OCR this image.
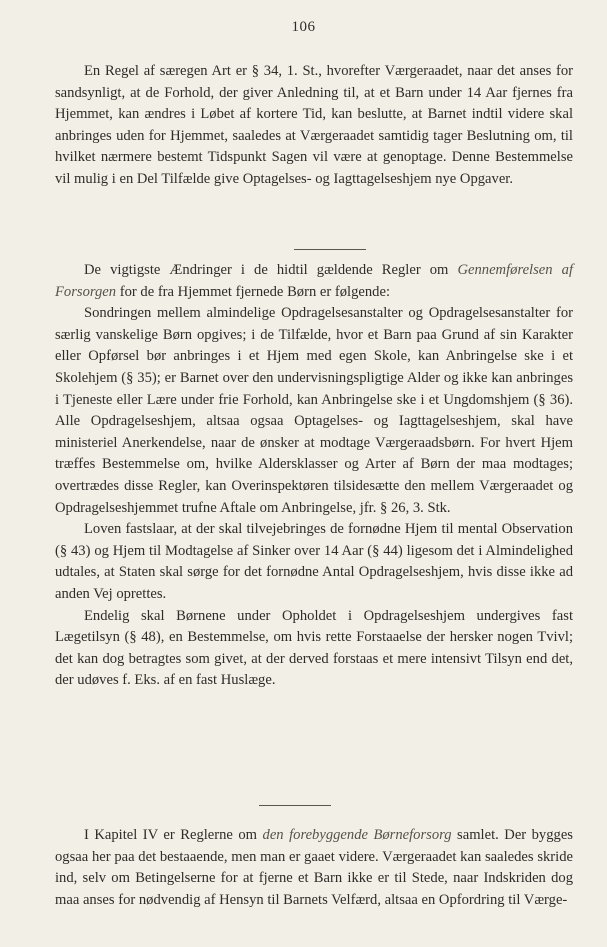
106

En Regel af særegen Art er § 34, 1. St., hvorefter Værgeraadet, naar det anses for sandsynligt, at de Forhold, der giver Anledning til, at et Barn under 14 Aar fjernes fra Hjemmet, kan ændres i Løbet af kortere Tid, kan beslutte, at Barnet indtil videre skal anbringes uden for Hjemmet, saaledes at Værgeraadet samtidig tager Beslutning om, til hvilket nærmere bestemt Tidspunkt Sagen vil være at genoptage. Denne Bestemmelse vil mulig i en Del Tilfælde give Optagelses- og Iagttagelseshjem nye Opgaver.

De vigtigste Ændringer i de hidtil gældende Regler om Gennemførelsen af Forsorgen for de fra Hjemmet fjernede Børn er følgende:

Sondringen mellem almindelige Opdragelsesanstalter og Opdragelsesanstalter for særlig vanskelige Børn opgives; i de Tilfælde, hvor et Barn paa Grund af sin Karakter eller Opførsel bør anbringes i et Hjem med egen Skole, kan Anbringelse ske i et Skolehjem (§ 35); er Barnet over den undervisningspligtige Alder og ikke kan anbringes i Tjeneste eller Lære under frie Forhold, kan Anbringelse ske i et Ungdomshjem (§ 36). Alle Opdragelseshjem, altsaa ogsaa Optagelses- og Iagttagelseshjem, skal have ministeriel Anerkendelse, naar de ønsker at modtage Værgeraadsbørn. For hvert Hjem træffes Bestemmelse om, hvilke Aldersklasser og Arter af Børn der maa modtages; overtrædes disse Regler, kan Overinspektøren tilsidesætte den mellem Værgeraadet og Opdragelseshjemmet trufne Aftale om Anbringelse, jfr. § 26, 3. Stk.

Loven fastslaar, at der skal tilvejebringes de fornødne Hjem til mental Observation (§ 43) og Hjem til Modtagelse af Sinker over 14 Aar (§ 44) ligesom det i Almindelighed udtales, at Staten skal sørge for det fornødne Antal Opdragelseshjem, hvis disse ikke ad anden Vej oprettes.

Endelig skal Børnene under Opholdet i Opdragelseshjem undergives fast Lægetilsyn (§ 48), en Bestemmelse, om hvis rette Forstaaelse der hersker nogen Tvivl; det kan dog betragtes som givet, at der derved forstaas et mere intensivt Tilsyn end det, der udøves f. Eks. af en fast Huslæge.

I Kapitel IV er Reglerne om den forebyggende Børneforsorg samlet. Der bygges ogsaa her paa det bestaaende, men man er gaaet videre. Værgeraadet kan saaledes skride ind, selv om Betingelserne for at fjerne et Barn ikke er til Stede, naar Indskriden dog maa anses for nødvendig af Hensyn til Barnets Velfærd, altsaa en Opfordring til Værge-
